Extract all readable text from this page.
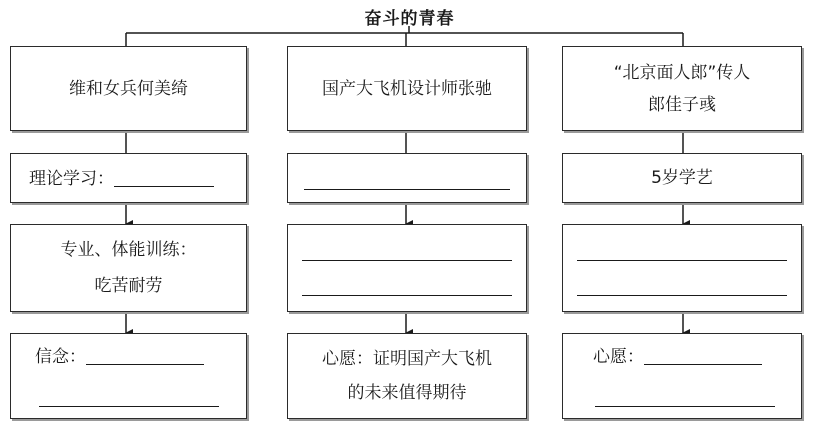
奋斗的青春
维和女兵何美绮
理论学习：
专业、体能训练：
吃苦耐劳
信念：
国产大飞机设计师张驰
心愿：证明国产大飞机
的未来值得期待
“北京面人郎”传人
郎佳子彧
5岁学艺
心愿：
